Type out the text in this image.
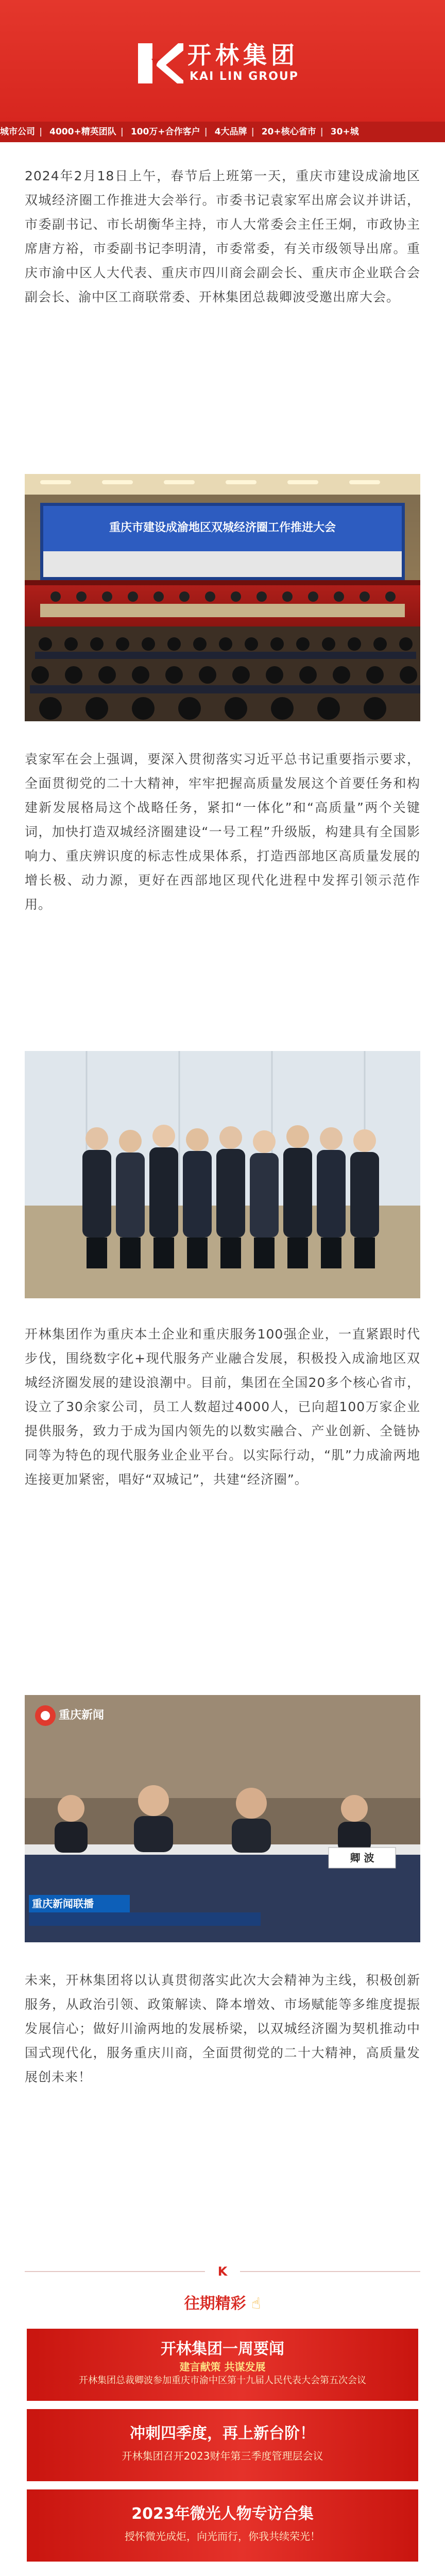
开林集团
KAI LIN GROUP
城市公司 | 4000+精英团队 | 100万+合作客户 | 4大品牌 | 20+核心省市 | 30+城
2024年2月18日上午，春节后上班第一天，重庆市建设成渝地区双城经济圈工作推进大会举行。市委书记袁家军出席会议并讲话，市委副书记、市长胡衡华主持，市人大常委会主任王炯，市政协主席唐方裕，市委副书记李明清，市委常委，有关市级领导出席。重庆市渝中区人大代表、重庆市四川商会副会长、重庆市企业联合会副会长、渝中区工商联常委、开林集团总裁卿波受邀出席大会。
重庆市建设成渝地区双城经济圈工作推进大会
袁家军在会上强调，要深入贯彻落实习近平总书记重要指示要求，全面贯彻党的二十大精神，牢牢把握高质量发展这个首要任务和构建新发展格局这个战略任务，紧扣“一体化”和“高质量”两个关键词，加快打造双城经济圈建设“一号工程”升级版，构建具有全国影响力、重庆辨识度的标志性成果体系，打造西部地区高质量发展的增长极、动力源，更好在西部地区现代化进程中发挥引领示范作用。
开林集团作为重庆本土企业和重庆服务100强企业，一直紧跟时代步伐，围绕数字化+现代服务产业融合发展，积极投入成渝地区双城经济圈发展的建设浪潮中。目前，集团在全国20多个核心省市，设立了30余家公司，员工人数超过4000人，已向超100万家企业提供服务，致力于成为国内领先的以数实融合、产业创新、全链协同等为特色的现代服务业企业平台。以实际行动，“肌”力成渝两地连接更加紧密，唱好“双城记”，共建“经济圈”。
重庆新闻
重庆新闻联播
卿 波
未来，开林集团将以认真贯彻落实此次大会精神为主线，积极创新服务，从政治引领、政策解读、降本增效、市场赋能等多维度提振发展信心；做好川渝两地的发展桥梁，以双城经济圈为契机推动中国式现代化，服务重庆川商，全面贯彻党的二十大精神，高质量发展创未来！
K
往期精彩 ☝
开林集团一周要闻
建言献策 共谋发展
开林集团总裁卿波参加重庆市渝中区第十九届人民代表大会第五次会议
冲刺四季度，再上新台阶！
开林集团召开2023财年第三季度管理层会议
2023年微光人物专访合集
授怀微光成炬，向光而行，你我共续荣光！
